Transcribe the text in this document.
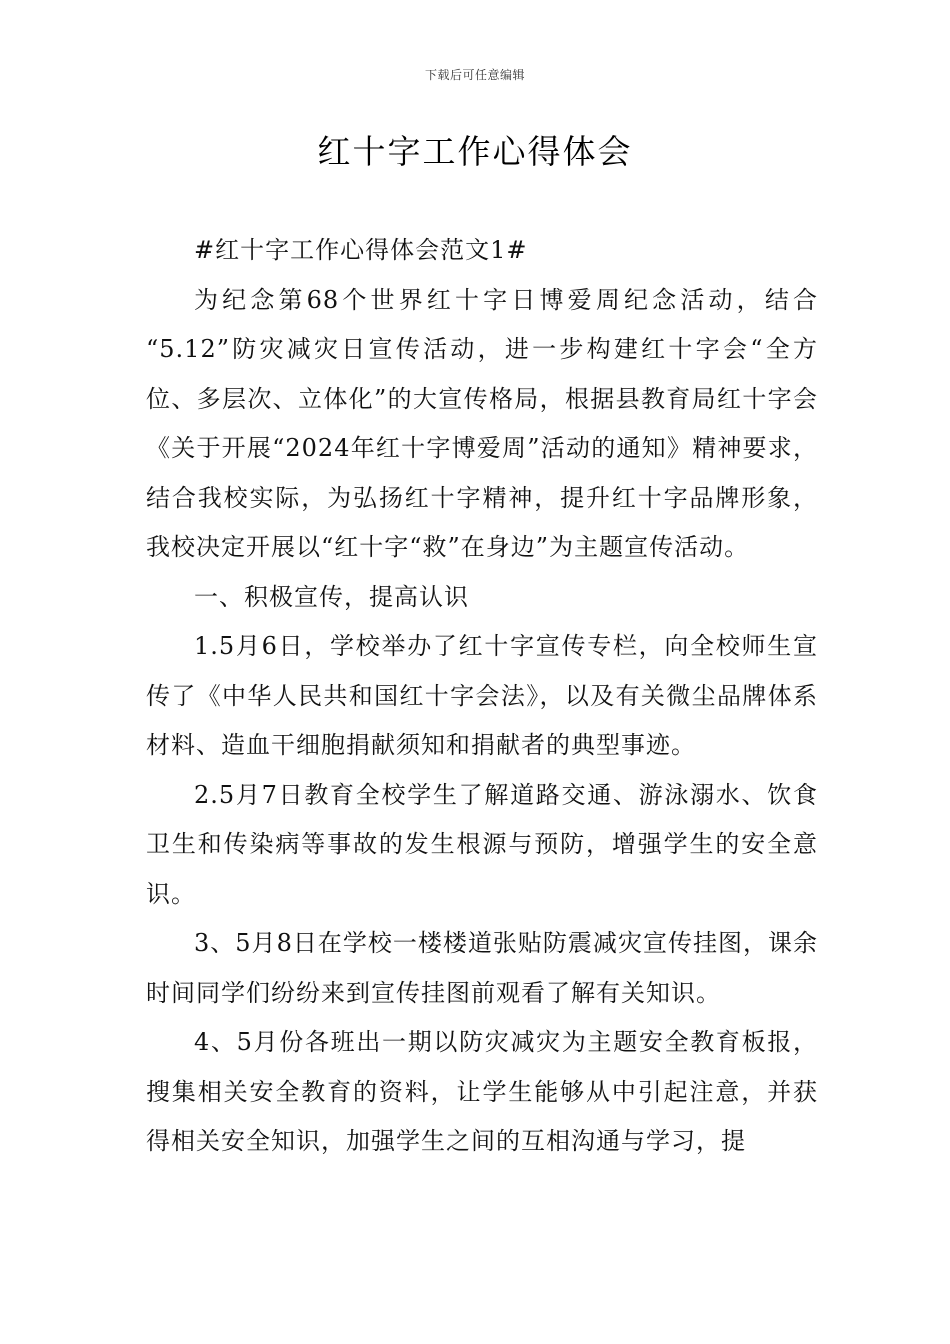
下载后可任意编辑
红十字工作心得体会

#红十字工作心得体会范文1#

为纪念第68个世界红十字日博爱周纪念活动，结合 “5.12”防灾减灾日宣传活动，进一步构建红十字会“全方位、多层次、立体化”的大宣传格局，根据县教育局红十字会《关于开展“2024年红十字博爱周”活动的通知》精神要求，结合我校实际，为弘扬红十字精神，提升红十字品牌形象，我校决定开展以“红十字“救”在身边”为主题宣传活动。

一、积极宣传，提高认识

1.5月6日，学校举办了红十字宣传专栏，向全校师生宣传了《中华人民共和国红十字会法》，以及有关微尘品牌体系材料、造血干细胞捐献须知和捐献者的典型事迹。

2.5月7日教育全校学生了解道路交通、游泳溺水、饮食卫生和传染病等事故的发生根源与预防，增强学生的安全意识。

3、5月8日在学校一楼楼道张贴防震减灾宣传挂图，课余时间同学们纷纷来到宣传挂图前观看了解有关知识。

4、5月份各班出一期以防灾减灾为主题安全教育板报，搜集相关安全教育的资料，让学生能够从中引起注意，并获得相关安全知识，加强学生之间的互相沟通与学习，提
